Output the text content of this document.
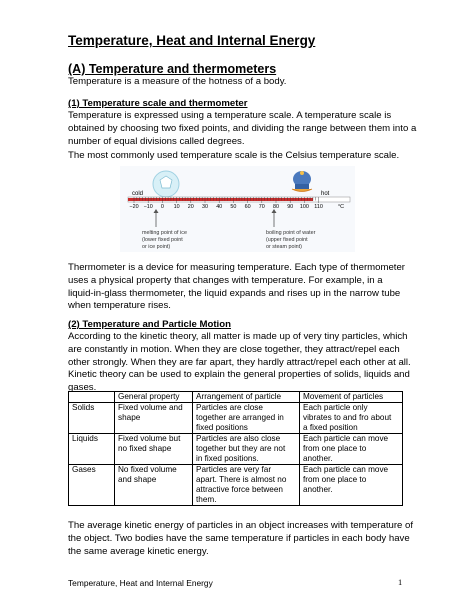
Temperature, Heat and Internal Energy
(A) Temperature and thermometers
Temperature is a measure of the hotness of a body.
(1) Temperature scale and thermometer
Temperature is expressed using a temperature scale. A temperature scale is
obtained by choosing two fixed points, and dividing the range between them into a
number of equal divisions called degrees.
The most commonly used temperature scale is the Celsius temperature scale.
cold	hot
−20 −10 0 10 20 30 40 50 60 70 80 90 100 110	°C
melting point of ice
(lower fixed point
or ice point)
boiling point of water
(upper fixed point
or steam point)
Thermometer is a device for measuring temperature. Each type of thermometer
uses a physical property that changes with temperature. For example, in a
liquid-in-glass thermometer, the liquid expands and rises up in the narrow tube
when temperature rises.
(2) Temperature and Particle Motion
According to the kinetic theory, all matter is made up of very tiny particles, which
are constantly in motion. When they are close together, they attract/repel each
other strongly. When they are far apart, they hardly attract/repel each other at all.
Kinetic theory can be used to explain the general properties of solids, liquids and
gases.
	General property	Arrangement of particle	Movement of particles

Solids	Fixed volume and
shape	Particles are close
together are arranged in
fixed positions	Each particle only
vibrates to and fro about
a fixed position

Liquids	Fixed volume but
no fixed shape	Particles are also close
together but they are not
in fixed positions.	Each particle can move
from one place to
another.

Gases	No fixed volume
and shape	Particles are very far
apart. There is almost no
attractive force between
them.	Each particle can move
from one place to
another.
The average kinetic energy of particles in an object increases with temperature of
the object. Two bodies have the same temperature if particles in each body have
the same average kinetic energy.
Temperature, Heat and Internal Energy	1
